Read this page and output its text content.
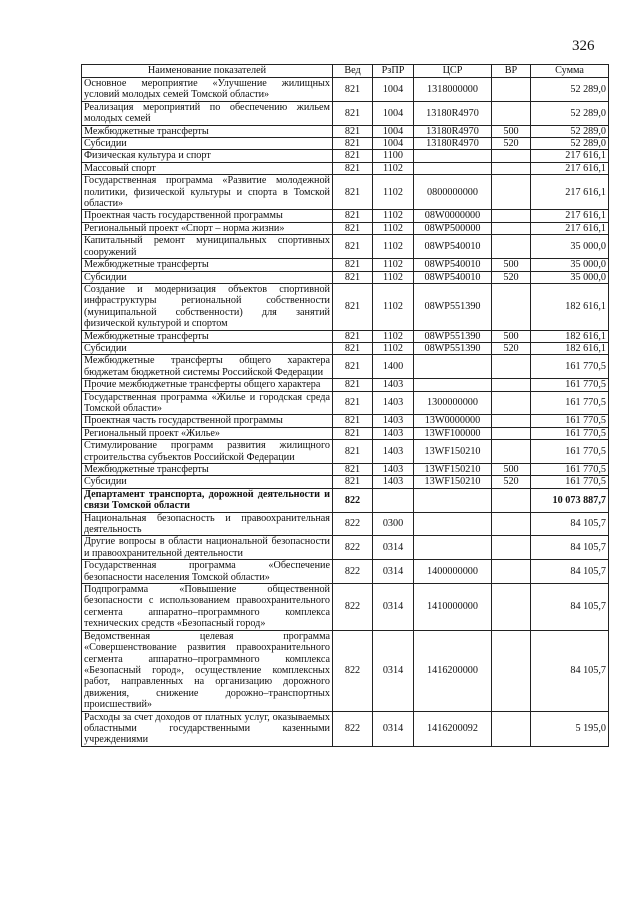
326
Наименование показателей	Вед	РзПР	ЦСР	ВР	Сумма
Основное мероприятие «Улучшение жилищных условий молодых семей Томской области»	821	1004	1318000000		52 289,0
Реализация мероприятий по обеспечению жильем молодых семей	821	1004	13180R4970		52 289,0
Межбюджетные трансферты	821	1004	13180R4970	500	52 289,0
Субсидии	821	1004	13180R4970	520	52 289,0
Физическая культура и спорт	821	1100			217 616,1
Массовый спорт	821	1102			217 616,1
Государственная программа «Развитие молодежной политики, физической культуры и спорта в Томской области»	821	1102	0800000000		217 616,1
Проектная часть государственной программы	821	1102	08W0000000		217 616,1
Региональный проект «Спорт – норма жизни»	821	1102	08WP500000		217 616,1
Капитальный ремонт муниципальных спортивных сооружений	821	1102	08WP540010		35 000,0
Межбюджетные трансферты	821	1102	08WP540010	500	35 000,0
Субсидии	821	1102	08WP540010	520	35 000,0
Создание и модернизация объектов спортивной инфраструктуры региональной собственности (муниципальной собственности) для занятий физической культурой и спортом	821	1102	08WP551390		182 616,1
Межбюджетные трансферты	821	1102	08WP551390	500	182 616,1
Субсидии	821	1102	08WP551390	520	182 616,1
Межбюджетные трансферты общего характера бюджетам бюджетной системы Российской Федерации	821	1400			161 770,5
Прочие межбюджетные трансферты общего характера	821	1403			161 770,5
Государственная программа «Жилье и городская среда Томской области»	821	1403	1300000000		161 770,5
Проектная часть государственной программы	821	1403	13W0000000		161 770,5
Региональный проект «Жилье»	821	1403	13WF100000		161 770,5
Стимулирование программ развития жилищного строительства субъектов Российской Федерации	821	1403	13WF150210		161 770,5
Межбюджетные трансферты	821	1403	13WF150210	500	161 770,5
Субсидии	821	1403	13WF150210	520	161 770,5
Департамент транспорта, дорожной деятельности и связи Томской области	822				10 073 887,7
Национальная безопасность и правоохранительная деятельность	822	0300			84 105,7
Другие вопросы в области национальной безопасности и правоохранительной деятельности	822	0314			84 105,7
Государственная программа «Обеспечение безопасности населения Томской области»	822	0314	1400000000		84 105,7
Подпрограмма «Повышение общественной безопасности с использованием правоохранительного сегмента аппаратно–программного комплекса технических средств «Безопасный город»	822	0314	1410000000		84 105,7
Ведомственная целевая программа «Совершенствование развития правоохранительного сегмента аппаратно–программного комплекса «Безопасный город», осуществление комплексных работ, направленных на организацию дорожного движения, снижение дорожно–транспортных происшествий»	822	0314	1416200000		84 105,7
Расходы за счет доходов от платных услуг, оказываемых областными государственными казенными учреждениями	822	0314	1416200092		5 195,0
